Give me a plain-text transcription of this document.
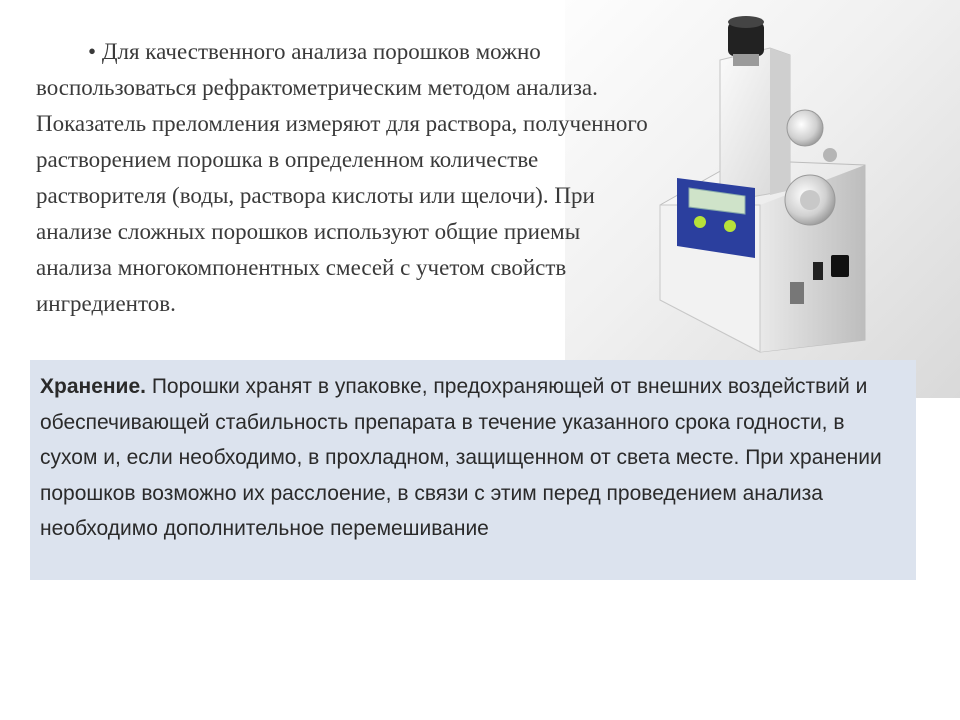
• Для качественного анализа порошков можно воспользоваться рефрактометрическим методом анализа. Показатель преломления измеряют для раствора, полученного растворением порошка в определенном количестве растворителя (воды, раствора кислоты или щелочи). При анализе сложных порошков используют общие приемы анализа многокомпонентных смесей с учетом свойств ингредиентов.
Хранение. Порошки хранят в упаковке, предохраняющей от внешних воздействий и обеспечивающей стабильность препарата в течение указанного срока годности, в сухом и, если необходимо, в прохладном, защищенном от света месте. При хранении порошков возможно их расслоение, в связи с этим перед проведением анализа необходимо дополнительное перемешивание
